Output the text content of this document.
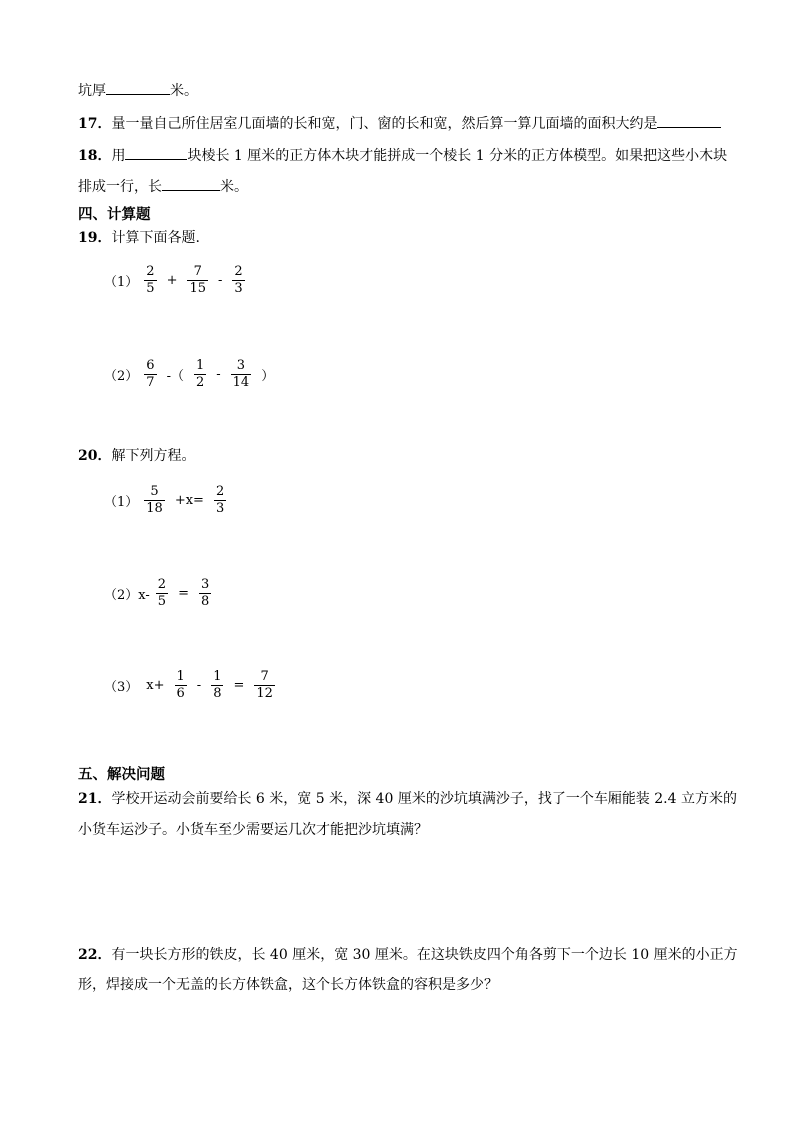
坑厚	米。
17．量一量自己所住居室几面墙的长和宽，门、窗的长和宽，然后算一算几面墙的面积大约是
18．用	块棱长 1 厘米的正方体木块才能拼成一个棱长 1 分米的正方体模型。如果把这些小木块
排成一行，长	米。
四、计算题
19．计算下面各题.
$(1) \frac{2}{5} + \frac{7}{15} - \frac{2}{3}$
$(2) \frac{6}{7}$ -（ $\frac{1}{2} - \frac{3}{14}$ ）
20．解下列方程。
$(1) \frac{5}{18} +x= \frac{2}{3}$
$(2)x- \frac{2}{5} = \frac{3}{8}$
（3） $x+ \frac{1}{6} - \frac{1}{8} = \frac{7}{12}$
五、解决问题
21．学校开运动会前要给长 6 米，宽 5 米，深 40 厘米的沙坑填满沙子，找了一个车厢能装 2.4 立方米的
小货车运沙子。小货车至少需要运几次才能把沙坑填满？
22．有一块长方形的铁皮，长 40 厘米，宽 30 厘米。在这块铁皮四个角各剪下一个边长 10 厘米的小正方
形，焊接成一个无盖的长方体铁盒，这个长方体铁盒的容积是多少？
